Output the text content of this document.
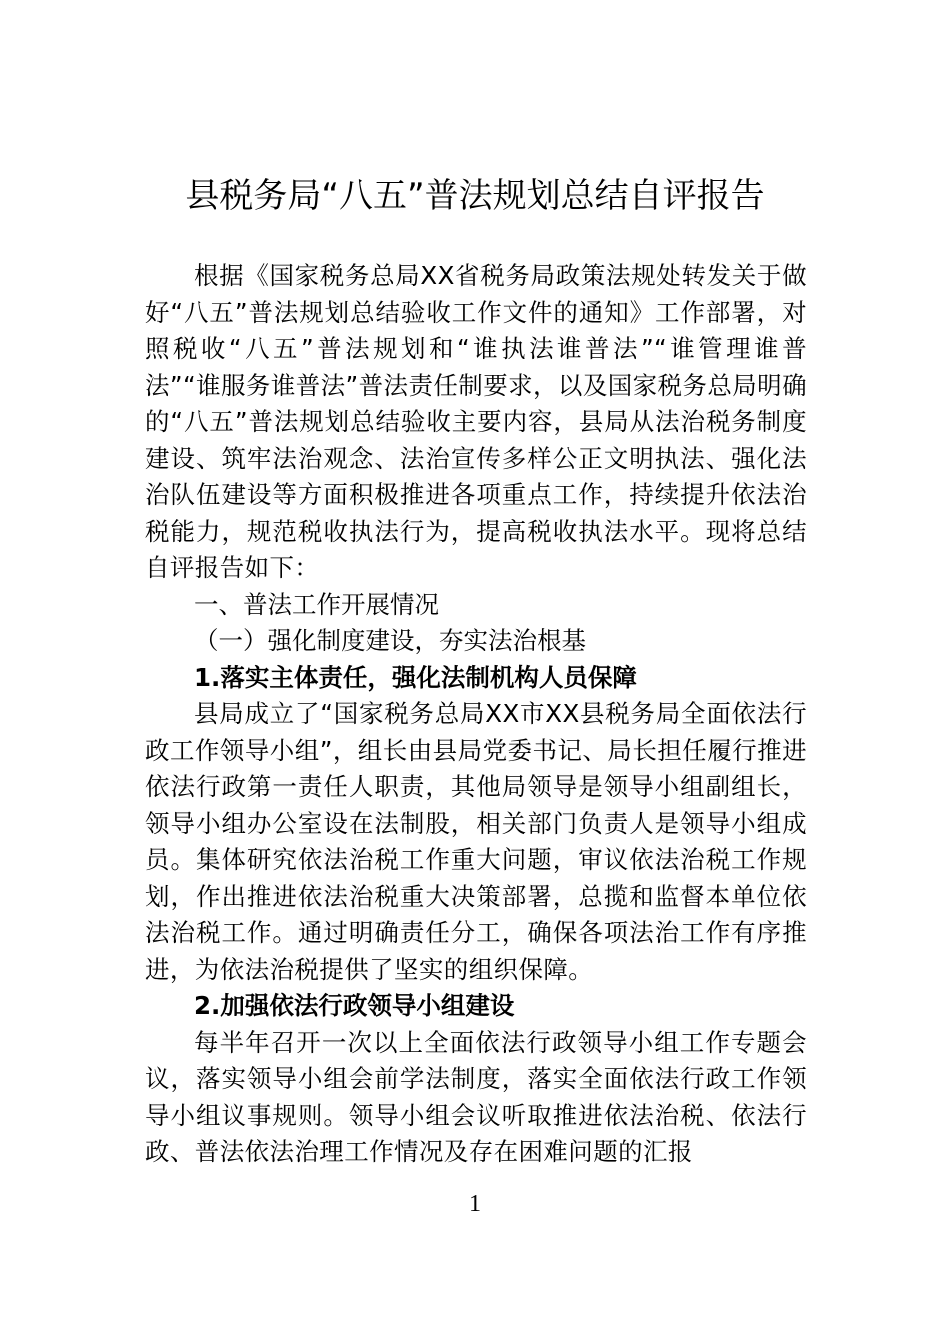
县税务局“八五”普法规划总结自评报告

根据《国家税务总局XX省税务局政策法规处转发关于做好“八五”普法规划总结验收工作文件的通知》工作部署，对照税收“八五”普法规划和“谁执法谁普法”“谁管理谁普法”“谁服务谁普法”普法责任制要求，以及国家税务总局明确的“八五”普法规划总结验收主要内容，县局从法治税务制度建设、筑牢法治观念、法治宣传多样公正文明执法、强化法治队伍建设等方面积极推进各项重点工作，持续提升依法治税能力，规范税收执法行为，提高税收执法水平。现将总结自评报告如下：

一、普法工作开展情况

（一）强化制度建设，夯实法治根基

1.落实主体责任，强化法制机构人员保障

县局成立了“国家税务总局XX市XX县税务局全面依法行政工作领导小组”，组长由县局党委书记、局长担任履行推进依法行政第一责任人职责，其他局领导是领导小组副组长，领导小组办公室设在法制股，相关部门负责人是领导小组成员。集体研究依法治税工作重大问题，审议依法治税工作规划，作出推进依法治税重大决策部署，总揽和监督本单位依法治税工作。通过明确责任分工，确保各项法治工作有序推进，为依法治税提供了坚实的组织保障。

2.加强依法行政领导小组建设

每半年召开一次以上全面依法行政领导小组工作专题会议，落实领导小组会前学法制度，落实全面依法行政工作领导小组议事规则。领导小组会议听取推进依法治税、依法行政、普法依法治理工作情况及存在困难问题的汇报

1
